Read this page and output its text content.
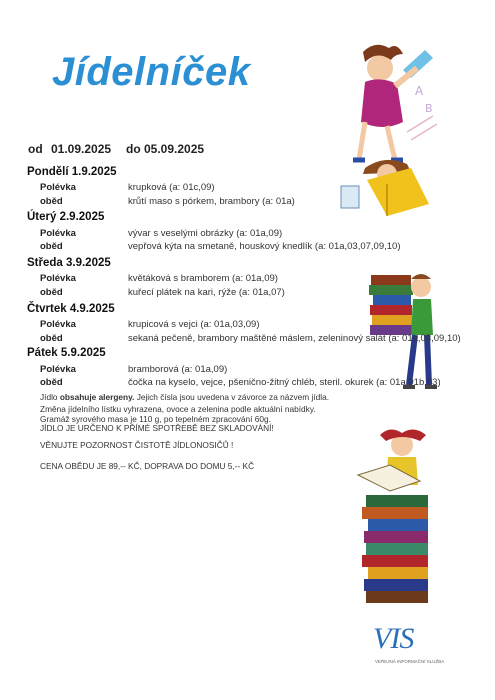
Jídelníček	A
B
od 01.09.2025 do 05.09.2025
Pondělí 1.9.2025
Polévka	krupková (a: 01c,09)
oběd	krůtí maso s pórkem, brambory (a: 01a)
Úterý 2.9.2025
Polévka	vývar s veselými obrázky (a: 01a,09)
oběd	vepřová kýta na smetaně, houskový knedlík (a: 01a,03,07,09,10)
Středa 3.9.2025
Polévka	květáková s bramborem (a: 01a,09)
oběd	kuřecí plátek na kari, rýže (a: 01a,07)
Čtvrtek 4.9.2025
Polévka	krupicová s vejci (a: 01a,03,09)
oběd	sekaná pečeně, brambory maštěné máslem, zeleninový salát (a: 01a,03,09,10)
Pátek 5.9.2025
Polévka	bramborová (a: 01a,09)
oběd	čočka na kyselo, vejce, pšeničnо-žitný chléb, steril. okurek (a: 01a,01b,03)
Jídlo obsahuje alergeny. Jejich čísla jsou uvedena v závorce za názvem jídla.
Změna jídelního lístku vyhrazena, ovoce a zelenina podle aktuální nabídky.
Gramáž syrového masa je 110 g, po tepelném zpracování 60g.
JÍDLO JE URČENO K PŘÍMÉ SPOTŘEBĚ BEZ SKLADOVÁNÍ!
VĚNUJTE POZORNOST ČISTOTĚ JÍDLONOSIČŮ !
CENA OBĚDU JE 89,-- KČ, DOPRAVA DO DOMU 5,-- KČ
VIS
VEŘEJNÁ INFORMAČNÍ SLUŽBA
